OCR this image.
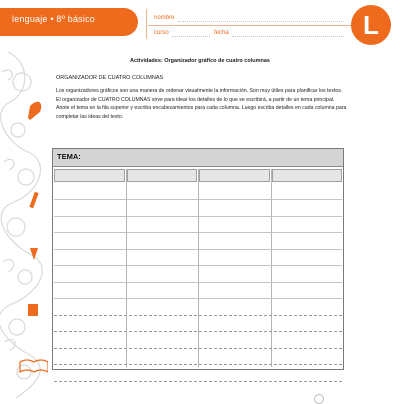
lenguaje • 8º básico	nombre
curso	fecha	L
Actividades: Organizador gráfico de cuatro columnas
ORGANIZADOR DE CUATRO COLUMNAS
Los organizadores gráficos son una manera de ordenar visualmente la información. Son muy útiles para planificar los textos. El organizador de CUATRO COLUMNAS sirve para idear los detalles de lo que se escribirá, a partir de un tema principal. Anote el tema en la fila superior y escriba encabezamientos para cada columna. Luego escriba detalles en cada columna para completar las ideas del texto.
TEMA:
